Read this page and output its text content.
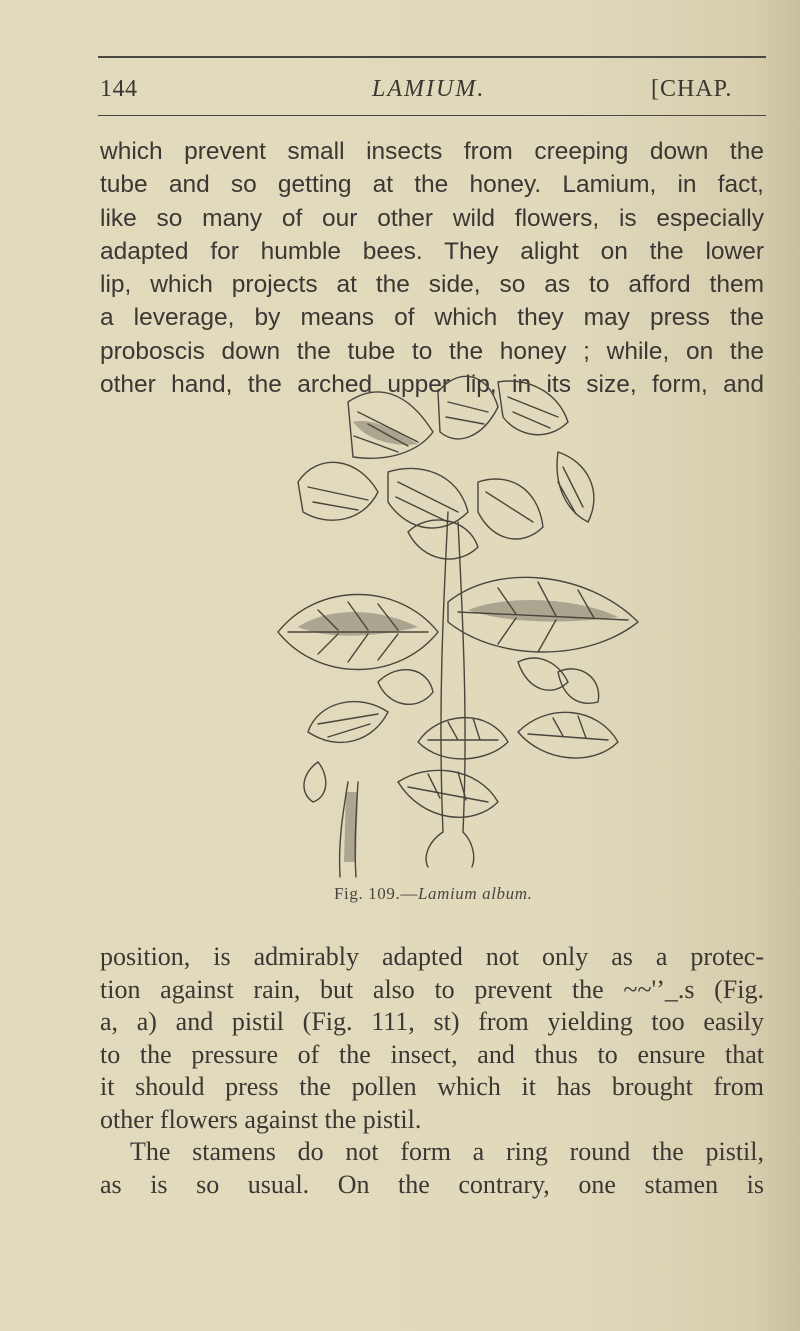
144	LAMIUM.	[CHAP.
which prevent small insects from creeping down the
tube and so getting at the honey. Lamium, in fact,
like so many of our other wild flowers, is especially
adapted for humble bees. They alight on the lower
lip, which projects at the side, so as to afford them
a leverage, by means of which they may press the
proboscis down the tube to the honey ; while, on the
other hand, the arched upper lip, in its size, form, and
Fig. 109.—Lamium album.
position, is admirably adapted not only as a protec-
tion against rain, but also to prevent the ~~'’_.s (Fig.
a, a) and pistil (Fig. 111, st) from yielding too easily
to the pressure of the insect, and thus to ensure that
it should press the pollen which it has brought from
other flowers against the pistil.
The stamens do not form a ring round the pistil,
as is so usual. On the contrary, one stamen is
